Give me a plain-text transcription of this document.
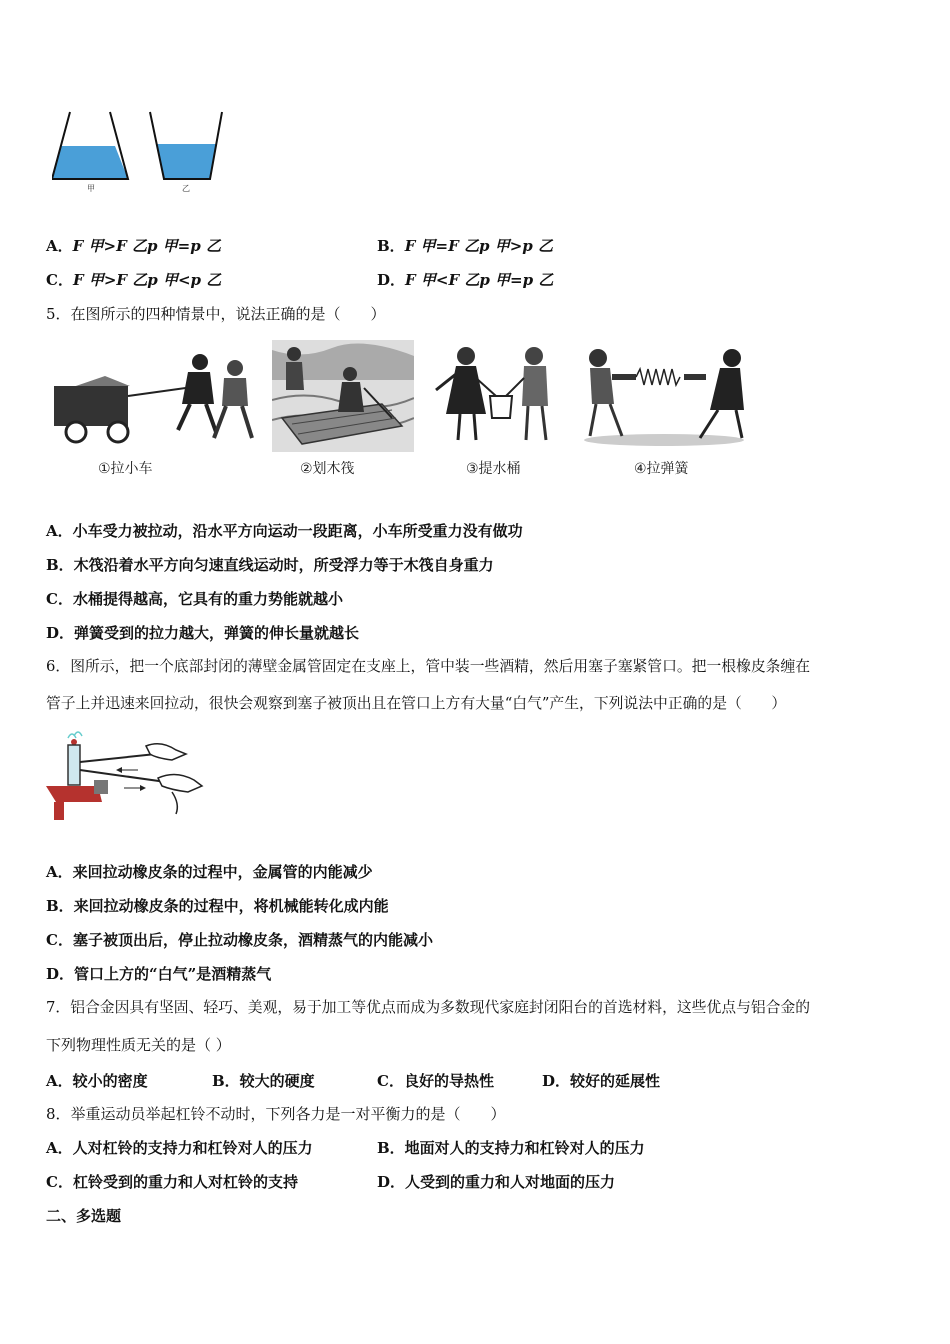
甲	乙
A．F 甲>F 乙p 甲=p 乙	B．F 甲=F 乙p 甲>p 乙
C．F 甲>F 乙p 甲<p 乙	D．F 甲<F 乙p 甲=p 乙
5．在图所示的四种情景中，说法正确的是（　　）
①拉小车	②划木筏	③提水桶	④拉弹簧
A．小车受力被拉动，沿水平方向运动一段距离，小车所受重力没有做功
B．木筏沿着水平方向匀速直线运动时，所受浮力等于木筏自身重力
C．水桶提得越高，它具有的重力势能就越小
D．弹簧受到的拉力越大，弹簧的伸长量就越长
6．图所示，把一个底部封闭的薄壁金属管固定在支座上，管中装一些酒精，然后用塞子塞紧管口。把一根橡皮条缠在
管子上并迅速来回拉动，很快会观察到塞子被顶出且在管口上方有大量“白气”产生，下列说法中正确的是（　　）
A．来回拉动橡皮条的过程中，金属管的内能减少
B．来回拉动橡皮条的过程中，将机械能转化成内能
C．塞子被顶出后，停止拉动橡皮条，酒精蒸气的内能减小
D．管口上方的“白气”是酒精蒸气
7．铝合金因具有坚固、轻巧、美观，易于加工等优点而成为多数现代家庭封闭阳台的首选材料，这些优点与铝合金的
下列物理性质无关的是（ ）
A．较小的密度	B．较大的硬度	C．良好的导热性	D．较好的延展性
8．举重运动员举起杠铃不动时，下列各力是一对平衡力的是（　　）
A．人对杠铃的支持力和杠铃对人的压力	B．地面对人的支持力和杠铃对人的压力
C．杠铃受到的重力和人对杠铃的支持	D．人受到的重力和人对地面的压力
二、多选题
